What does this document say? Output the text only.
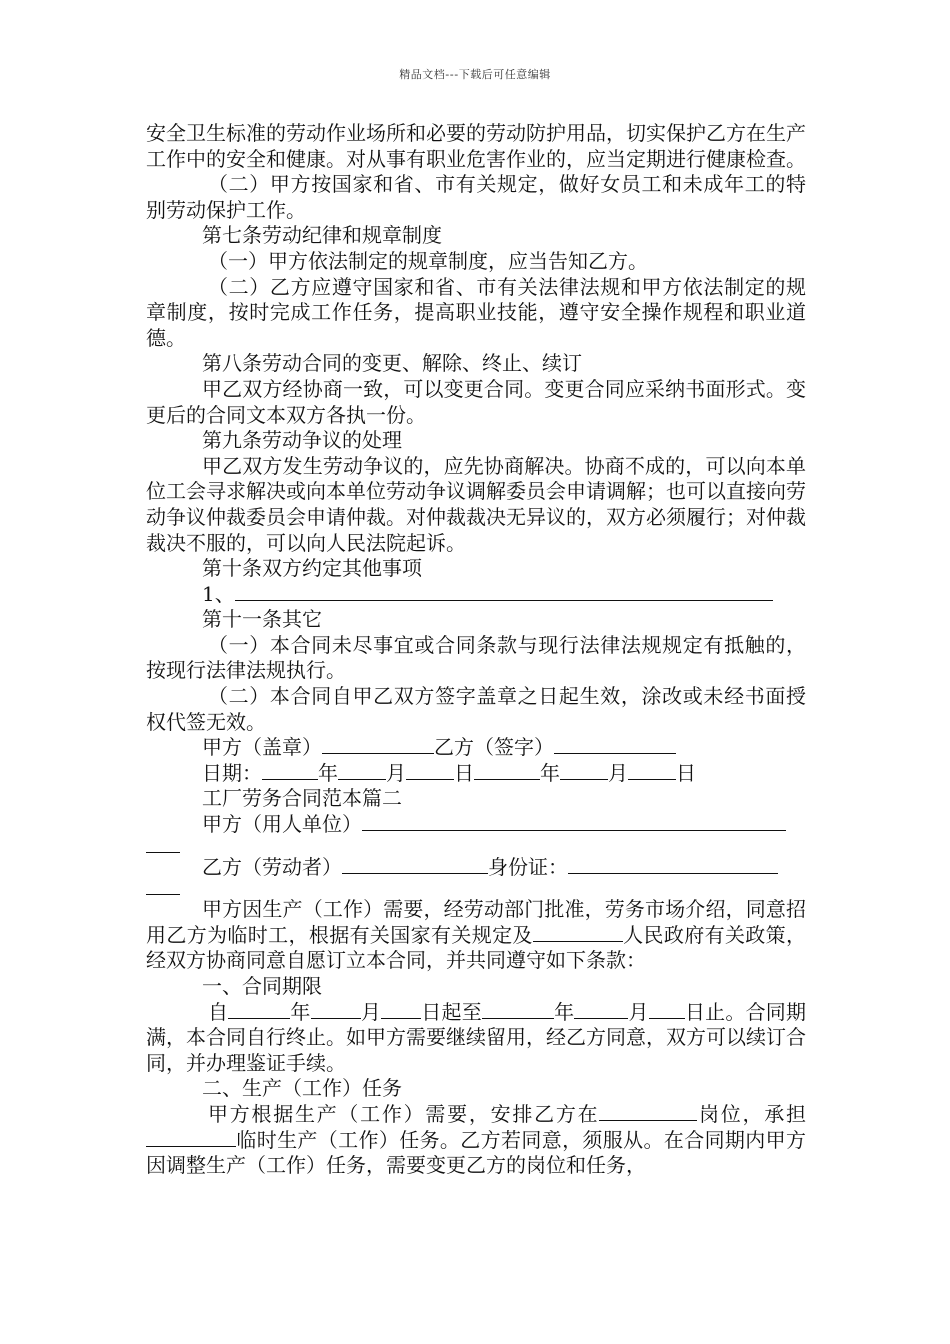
精品文档---下载后可任意编辑

安全卫生标准的劳动作业场所和必要的劳动防护用品，切实保护乙方在生产工作中的安全和健康。对从事有职业危害作业的，应当定期进行健康检查。

（二）甲方按国家和省、市有关规定，做好女员工和未成年工的特别劳动保护工作。

第七条劳动纪律和规章制度

（一）甲方依法制定的规章制度，应当告知乙方。

（二）乙方应遵守国家和省、市有关法律法规和甲方依法制定的规章制度，按时完成工作任务，提高职业技能，遵守安全操作规程和职业道德。

第八条劳动合同的变更、解除、终止、续订

甲乙双方经协商一致，可以变更合同。变更合同应采纳书面形式。变更后的合同文本双方各执一份。

第九条劳动争议的处理

甲乙双方发生劳动争议的，应先协商解决。协商不成的，可以向本单位工会寻求解决或向本单位劳动争议调解委员会申请调解；也可以直接向劳动争议仲裁委员会申请仲裁。对仲裁裁决无异议的，双方必须履行；对仲裁裁决不服的，可以向人民法院起诉。

第十条双方约定其他事项

1、

第十一条其它

（一）本合同未尽事宜或合同条款与现行法律法规规定有抵触的，按现行法律法规执行。

（二）本合同自甲乙双方签字盖章之日起生效，涂改或未经书面授权代签无效。

甲方（盖章）	乙方（签字）

日期：	年 月 日	年 月 日

工厂劳务合同范本篇二

甲方（用人单位）

乙方（劳动者）	身份证：

甲方因生产（工作）需要，经劳动部门批准，劳务市场介绍，同意招用乙方为临时工，根据有关国家有关规定及	人民政府有关政策，经双方协商同意自愿订立本合同，并共同遵守如下条款：

一、合同期限

自	年	月 日起至	年	月 日止。合同期满，本合同自行终止。如甲方需要继续留用，经乙方同意，双方可以续订合同，并办理鉴证手续。

二、生产（工作）任务

甲方根据生产（工作）需要，安排乙方在	岗位，承担临时生产（工作）任务。乙方若同意，须服从。在合同期内甲方因调整生产（工作）任务，需要变更乙方的岗位和任务，
